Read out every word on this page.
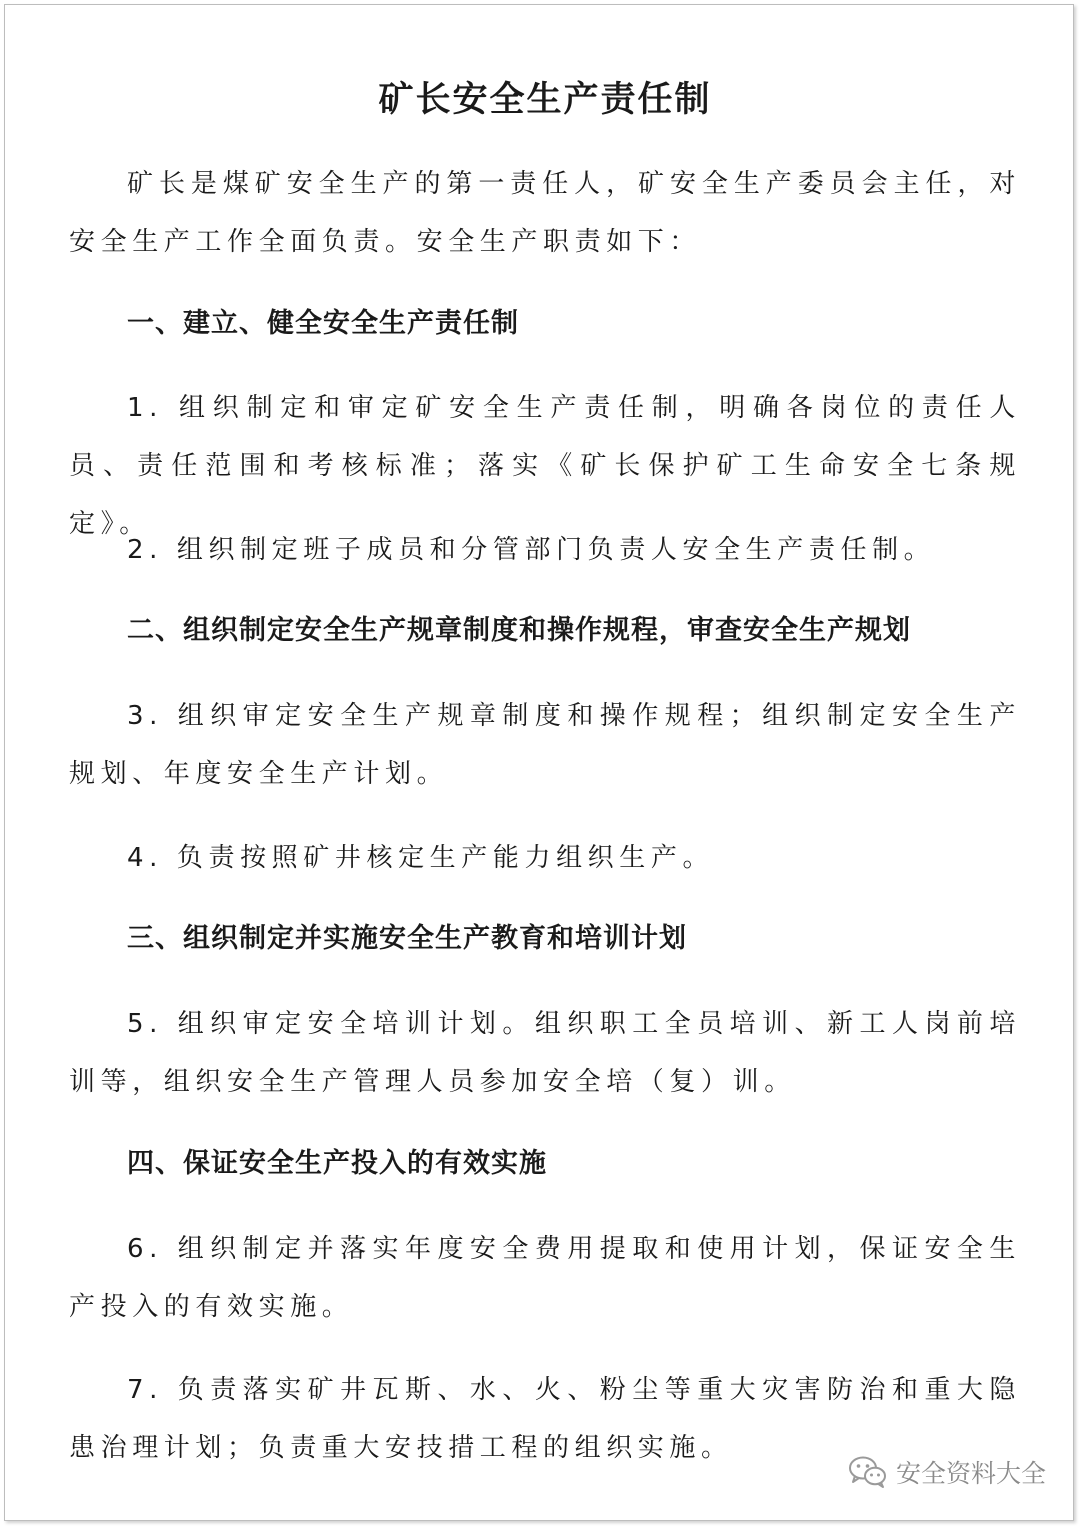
矿长安全生产责任制

矿长是煤矿安全生产的第一责任人，矿安全生产委员会主任，对安全生产工作全面负责。安全生产职责如下：

一、建立、健全安全生产责任制

1. 组织制定和审定矿安全生产责任制，明确各岗位的责任人员、责任范围和考核标准；落实《矿长保护矿工生命安全七条规定》。

2. 组织制定班子成员和分管部门负责人安全生产责任制。

二、组织制定安全生产规章制度和操作规程，审查安全生产规划

3. 组织审定安全生产规章制度和操作规程；组织制定安全生产规划、年度安全生产计划。

4. 负责按照矿井核定生产能力组织生产。

三、组织制定并实施安全生产教育和培训计划

5. 组织审定安全培训计划。组织职工全员培训、新工人岗前培训等，组织安全生产管理人员参加安全培（复）训。

四、保证安全生产投入的有效实施

6. 组织制定并落实年度安全费用提取和使用计划，保证安全生产投入的有效实施。

7. 负责落实矿井瓦斯、水、火、粉尘等重大灾害防治和重大隐患治理计划；负责重大安技措工程的组织实施。

安全资料大全
